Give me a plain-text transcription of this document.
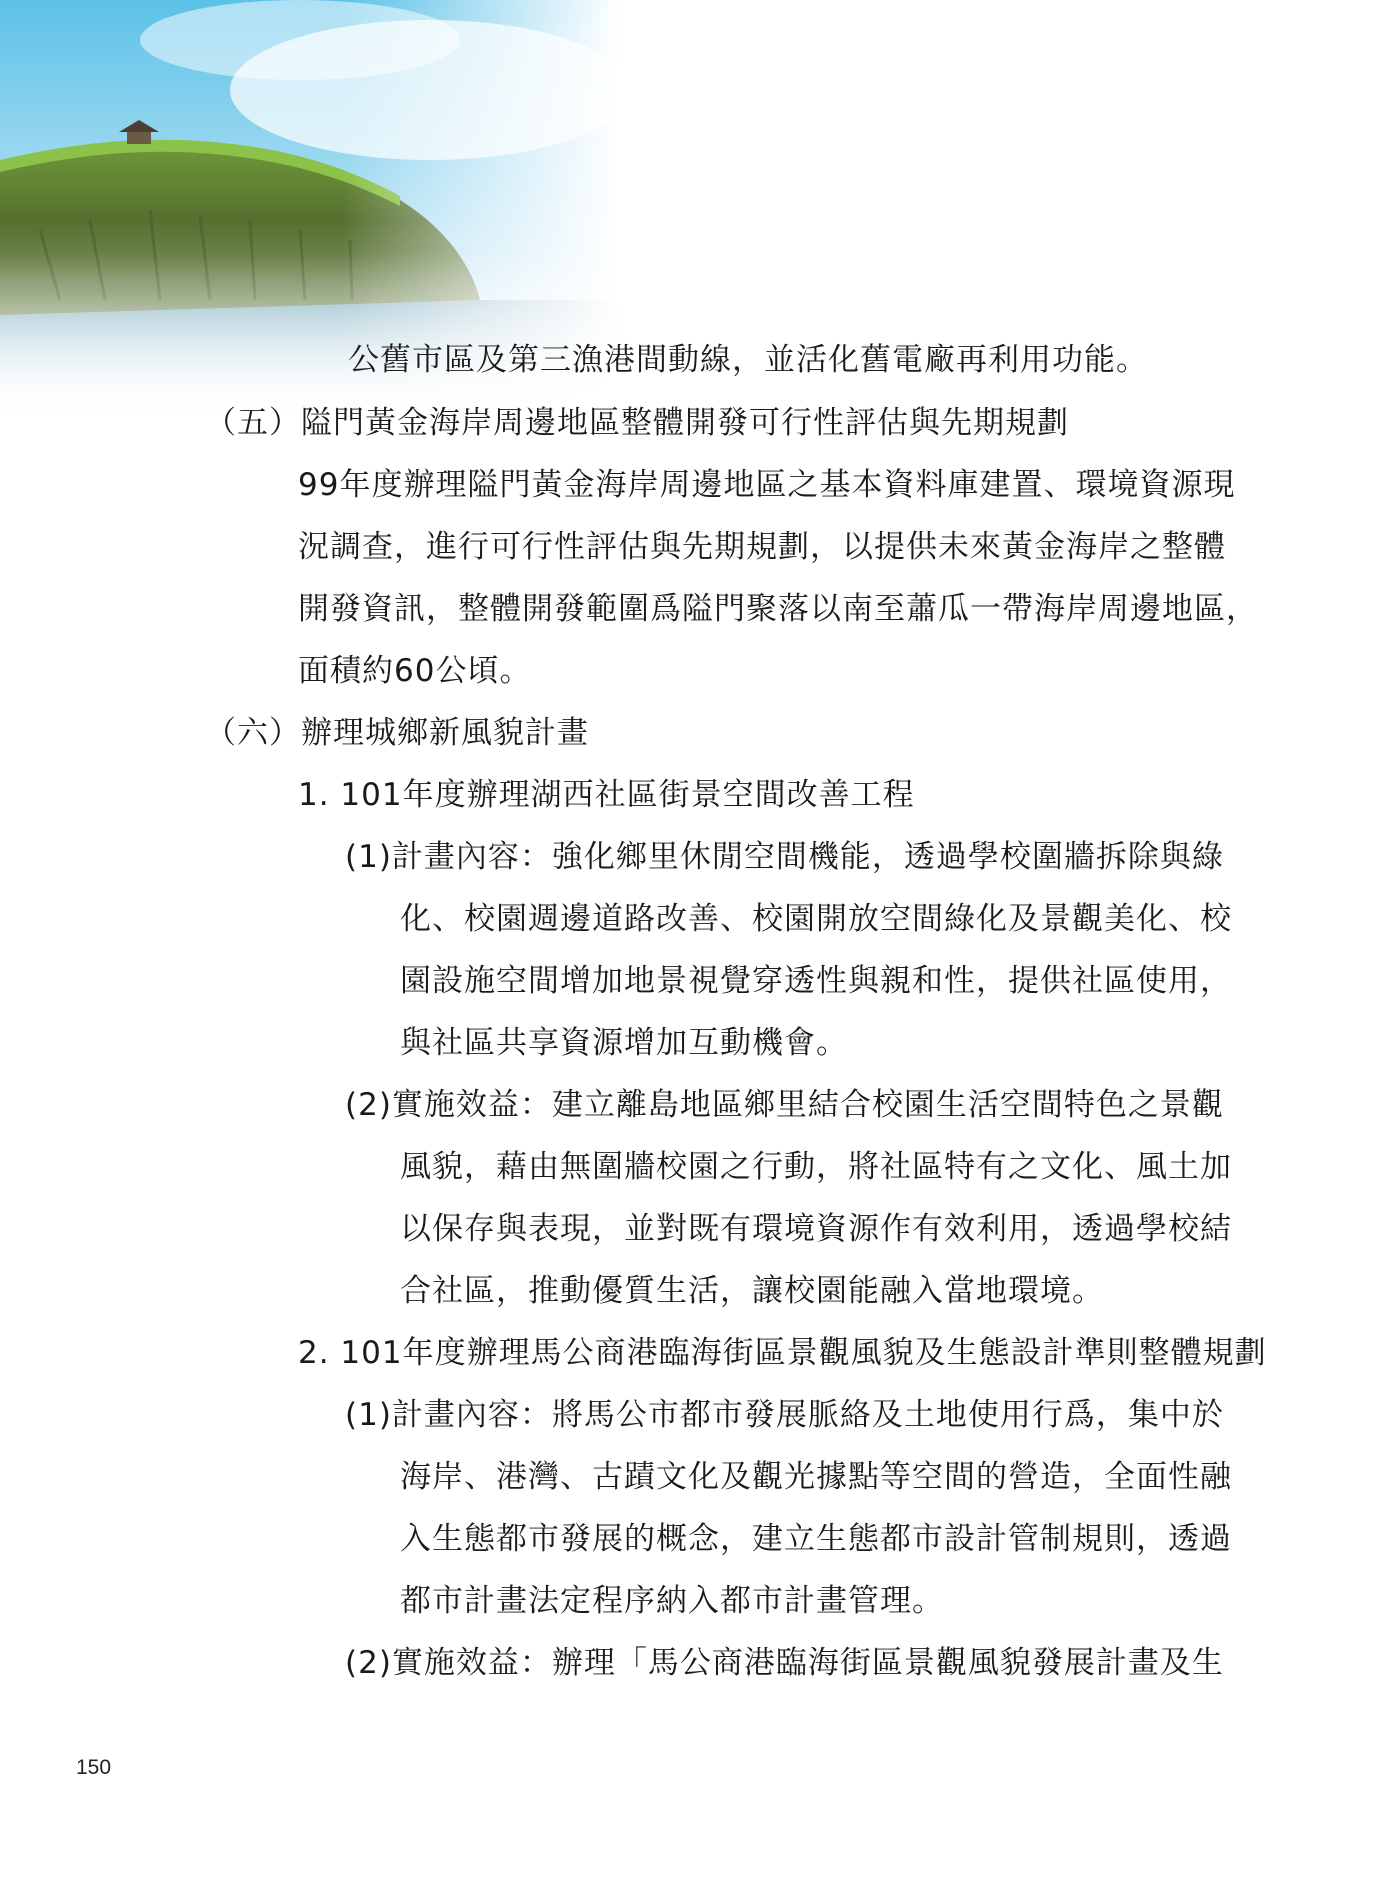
公舊市區及第三漁港間動線，並活化舊電廠再利用功能。
（五）隘門黃金海岸周邊地區整體開發可行性評估與先期規劃
99年度辦理隘門黃金海岸周邊地區之基本資料庫建置、環境資源現
況調查，進行可行性評估與先期規劃，以提供未來黃金海岸之整體
開發資訊，整體開發範圍爲隘門聚落以南至蕭瓜一帶海岸周邊地區，
面積約60公頃。
（六）辦理城鄉新風貌計畫
1. 101年度辦理湖西社區街景空間改善工程
(1)計畫內容：強化鄉里休閒空間機能，透過學校圍牆拆除與綠
化、校園週邊道路改善、校園開放空間綠化及景觀美化、校
園設施空間增加地景視覺穿透性與親和性，提供社區使用，
與社區共享資源增加互動機會。
(2)實施效益：建立離島地區鄉里結合校園生活空間特色之景觀
風貌，藉由無圍牆校園之行動，將社區特有之文化、風土加
以保存與表現，並對既有環境資源作有效利用，透過學校結
合社區，推動優質生活，讓校園能融入當地環境。
2. 101年度辦理馬公商港臨海街區景觀風貌及生態設計準則整體規劃
(1)計畫內容：將馬公市都市發展脈絡及土地使用行爲，集中於
海岸、港灣、古蹟文化及觀光據點等空間的營造，全面性融
入生態都市發展的概念，建立生態都市設計管制規則，透過
都市計畫法定程序納入都市計畫管理。
(2)實施效益：辦理「馬公商港臨海街區景觀風貌發展計畫及生
150
